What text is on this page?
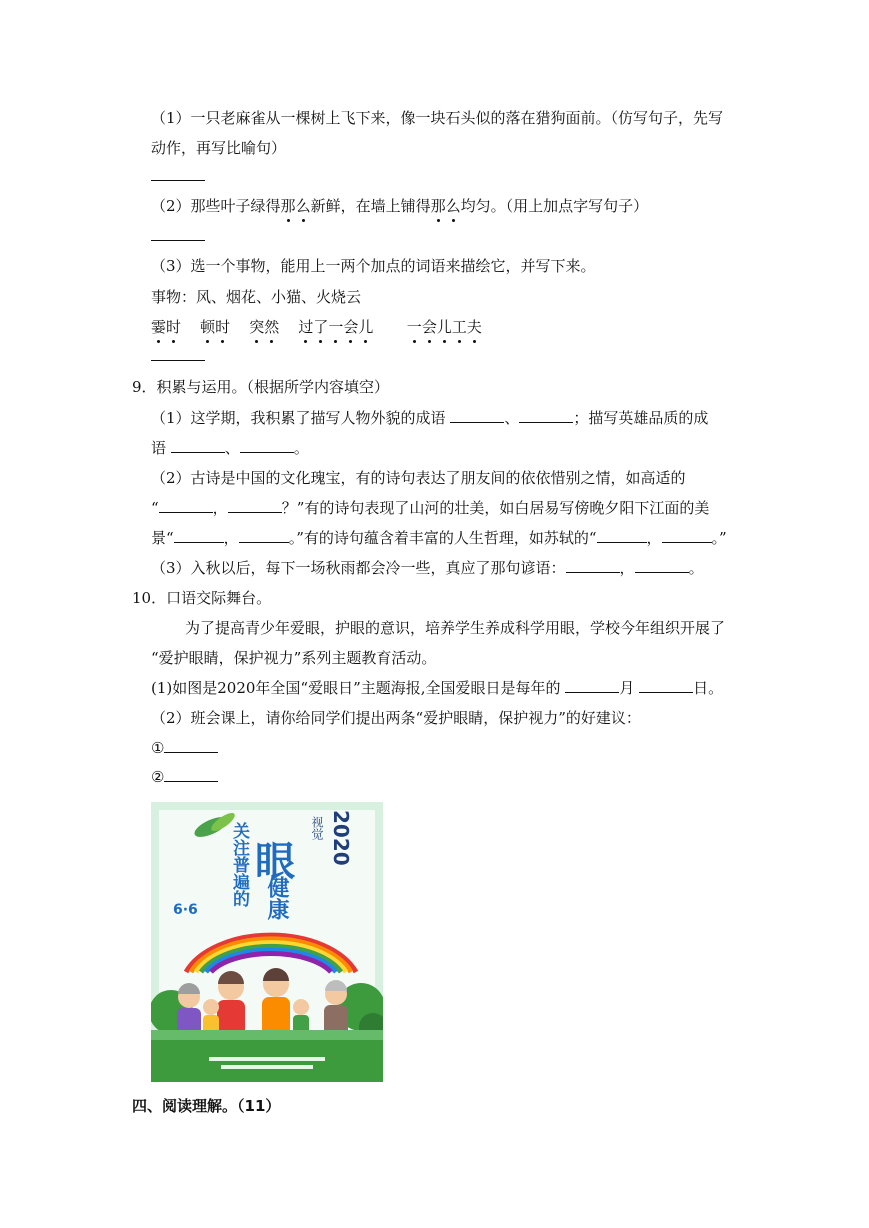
（1）一只老麻雀从一棵树上飞下来，像一块石头似的落在猎狗面前。（仿写句子，先写
动作，再写比喻句）
（2）那些叶子绿得那么新鲜，在墙上铺得那么均匀。（用上加点字写句子）
（3）选一个事物，能用上一两个加点的词语来描绘它，并写下来。
事物：风、烟花、小猫、火烧云
霎时 顿时 突然 过了一会儿 一会儿工夫
9．积累与运用。（根据所学内容填空）
（1）这学期，我积累了描写人物外貌的成语	、	；描写英雄品质的成
语	、	。
（2）古诗是中国的文化瑰宝，有的诗句表达了朋友间的依依惜别之情，如高适的
“	，	？”有的诗句表现了山河的壮美，如白居易写傍晚夕阳下江面的美
景“	，	。”有的诗句蕴含着丰富的人生哲理，如苏轼的“	，	。”
（3）入秋以后，每下一场秋雨都会冷一些，真应了那句谚语：	，	。
10．口语交际舞台。
为了提高青少年爱眼，护眼的意识，培养学生养成科学用眼，学校今年组织开展了
“爱护眼睛，保护视力”系列主题教育活动。
(1)如图是2020年全国“爱眼日”主题海报,全国爱眼日是每年的	月	日。
（2）班会课上，请你给同学们提出两条“爱护眼睛，保护视力”的好建议：
①
②
2020
视觉
关注普遍的 眼
健康
6·6
四、阅读理解。（11）
